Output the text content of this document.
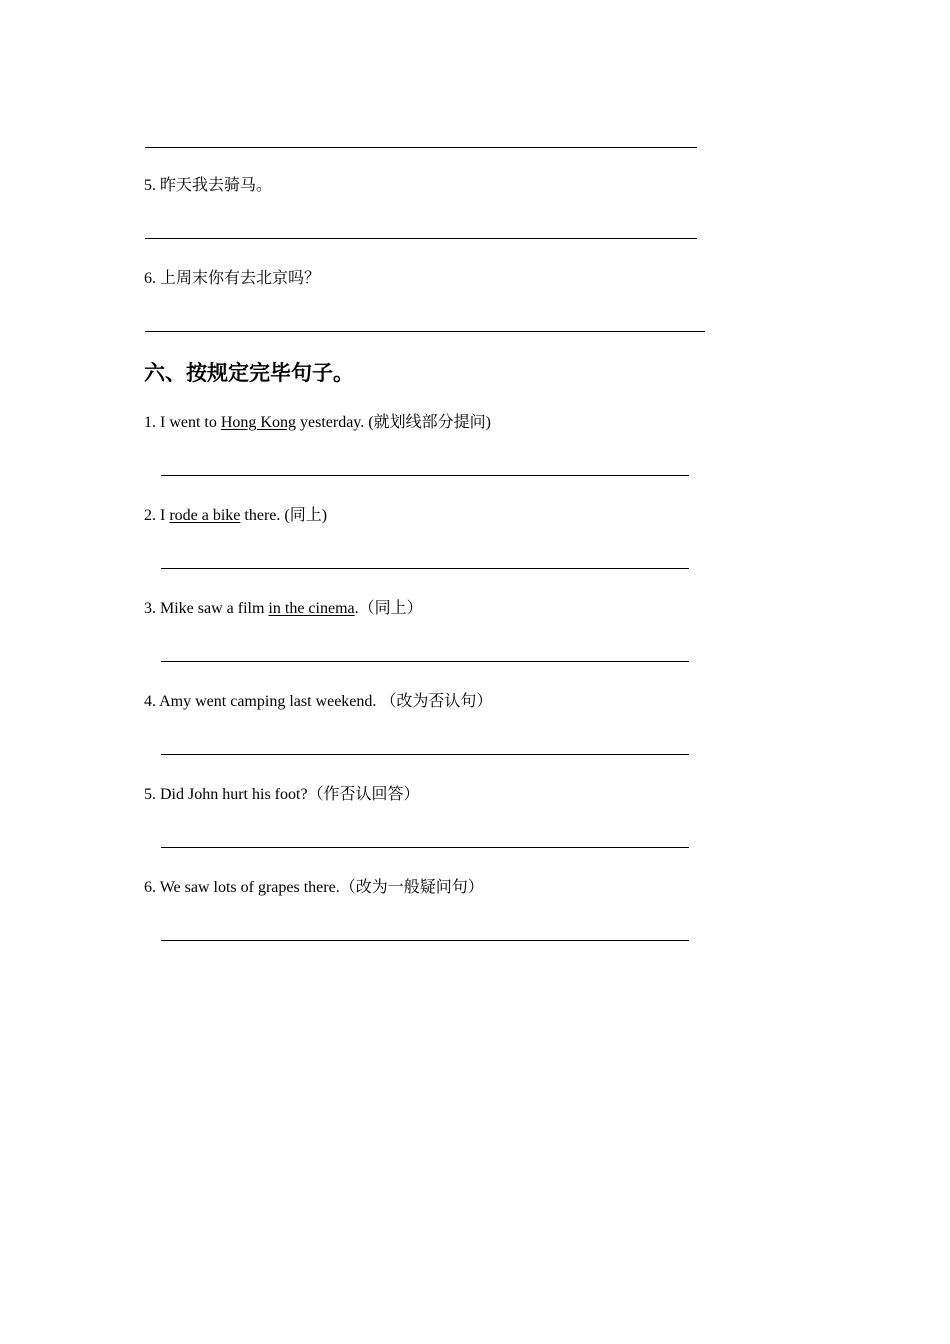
5. 昨天我去骑马。
6. 上周末你有去北京吗？
六、按规定完毕句子。
1. I went to Hong Kong yesterday. (就划线部分提问)
2. I rode a bike there. (同上)
3. Mike saw a film in the cinema.（同上）
4. Amy went camping last weekend. （改为否认句）
5. Did John hurt his foot?（作否认回答）
6. We saw lots of grapes there.（改为一般疑问句）
